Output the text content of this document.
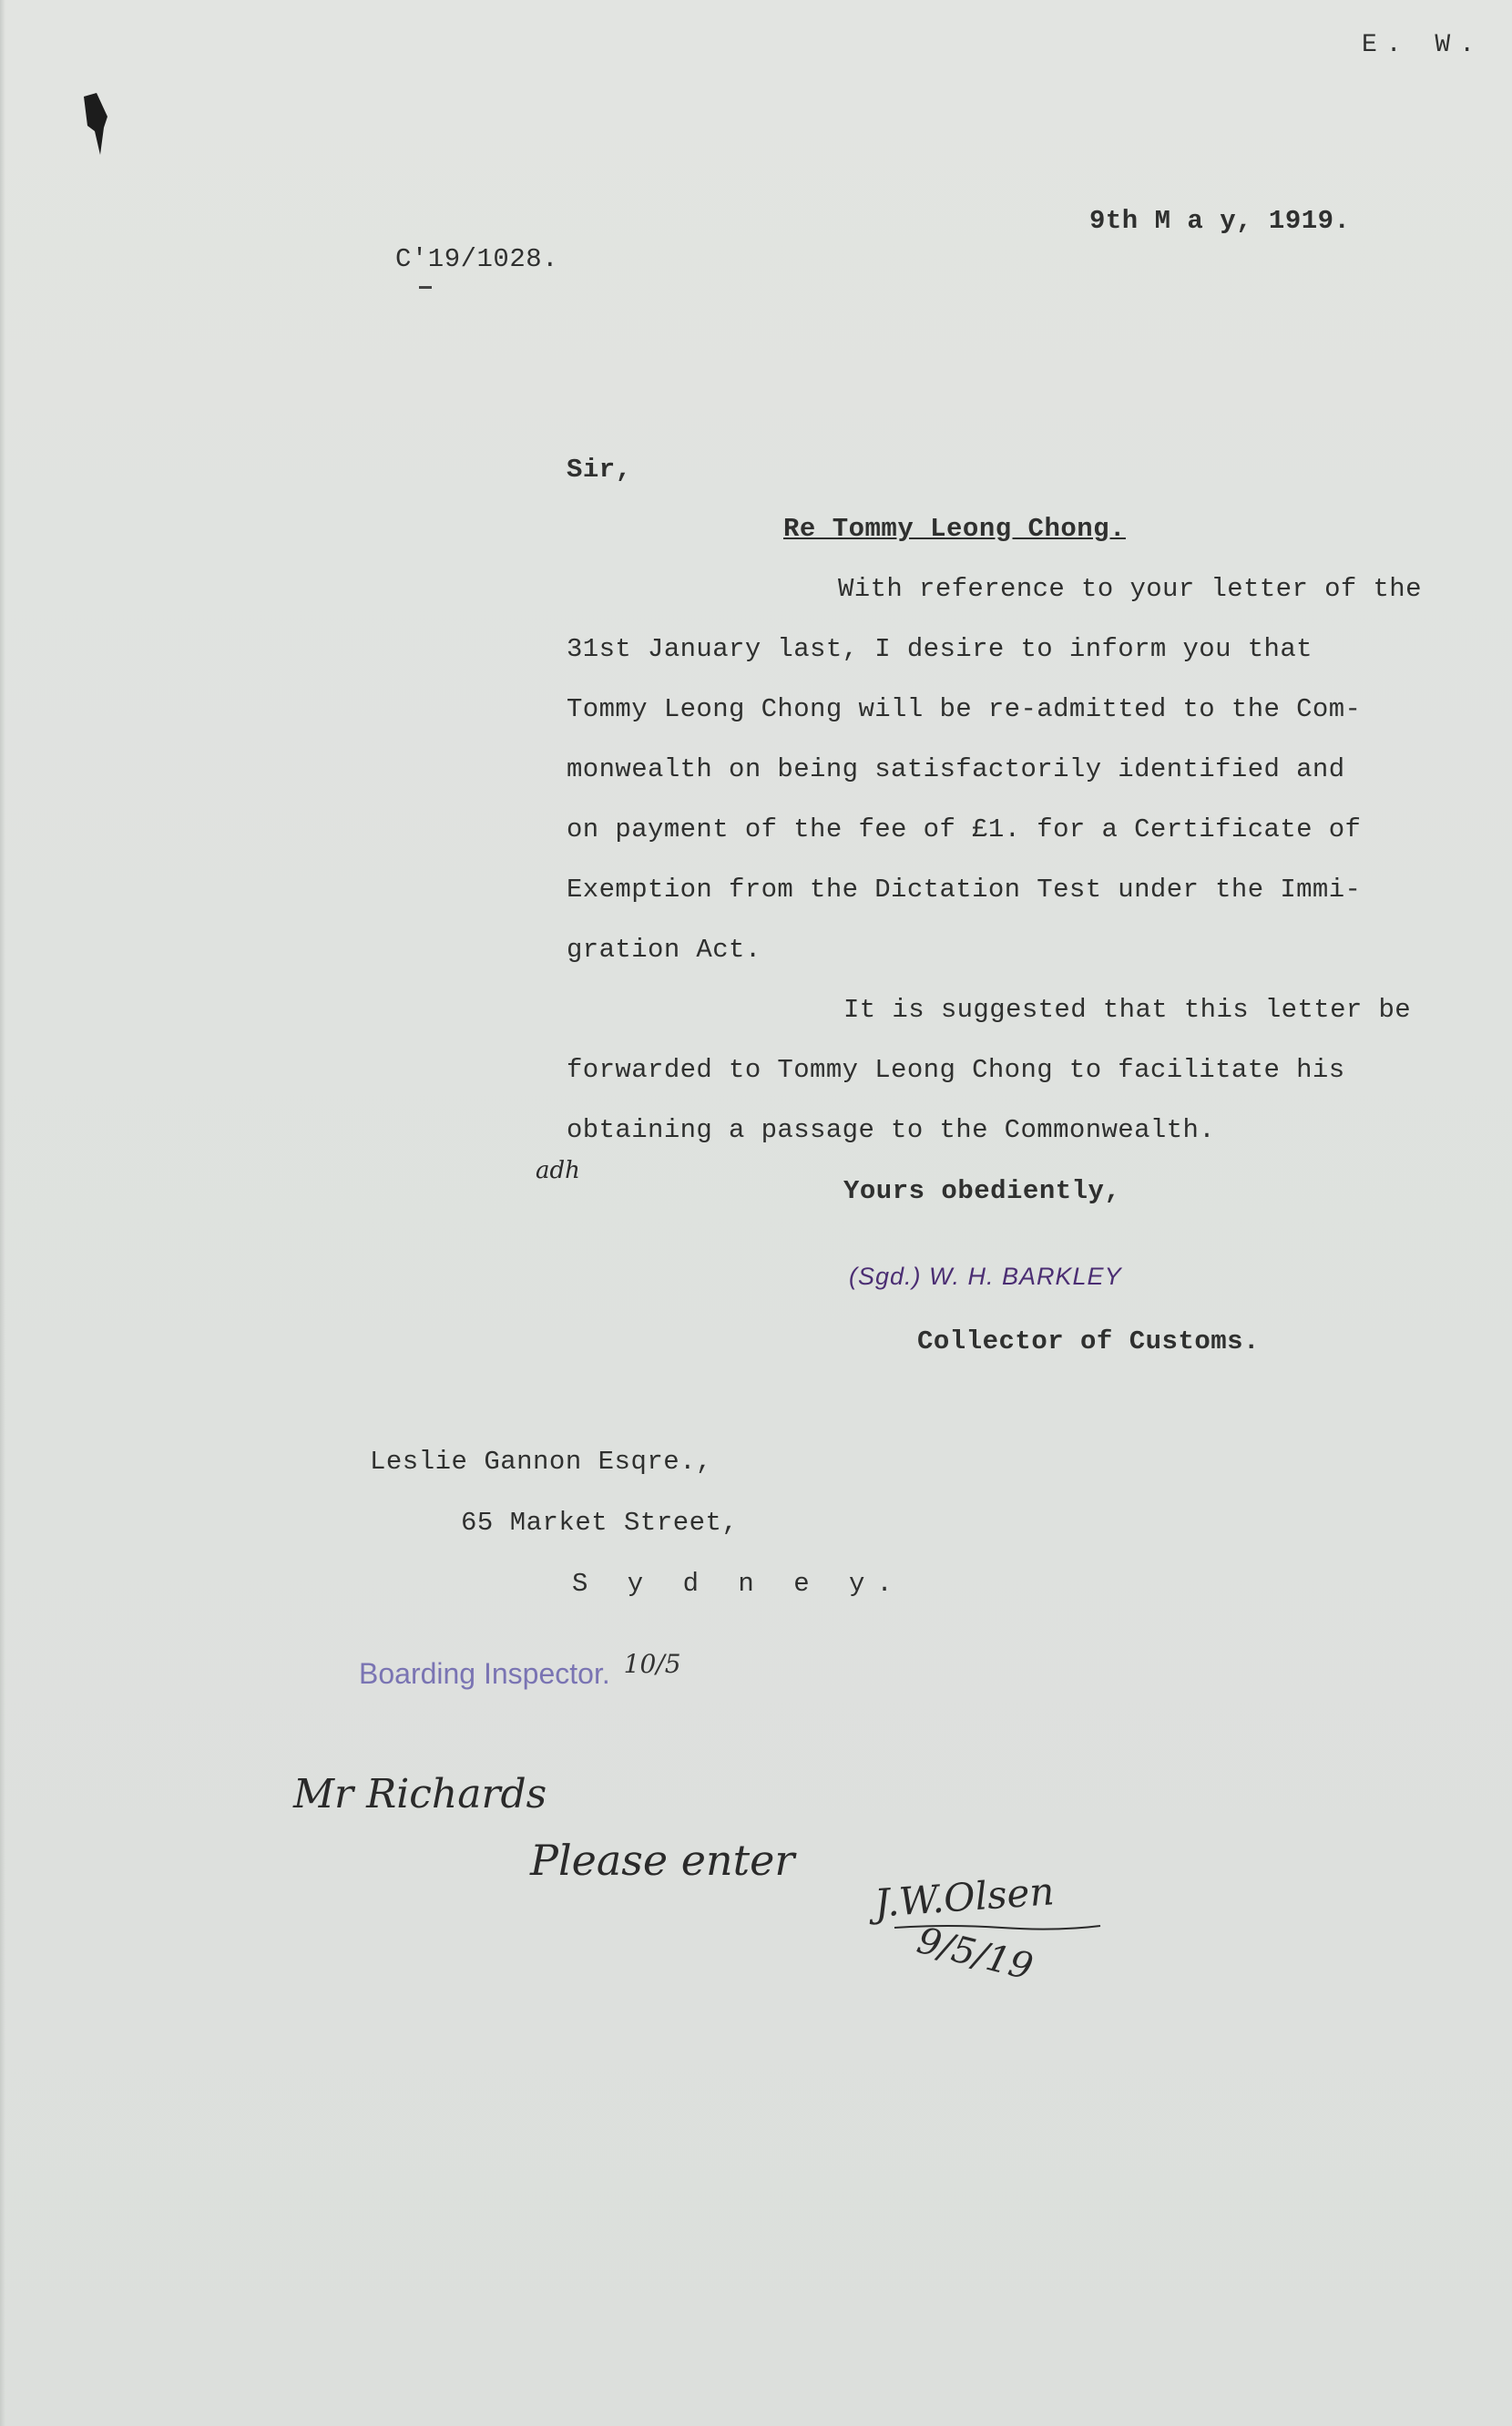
E. W.
C'19/1028.
9th M a y, 1919.
Sir,
Re Tommy Leong Chong.
With reference to your letter of the
31st January last, I desire to inform you that
Tommy Leong Chong will be re-admitted to the Com-
monwealth on being satisfactorily identified and
on payment of the fee of £1. for a Certificate of
Exemption from the Dictation Test under the Immi-
gration Act.
It is suggested that this letter be
forwarded to Tommy Leong Chong to facilitate his
obtaining a passage to the Commonwealth.
adh
Yours obediently,
(Sgd.) W. H. BARKLEY
Collector of Customs.
Leslie Gannon Esqre.,
65 Market Street,
S y d n e y.
Boarding Inspector. 10/5
Mr Richards
Please enter
J.W.Olsen
9/5/19
